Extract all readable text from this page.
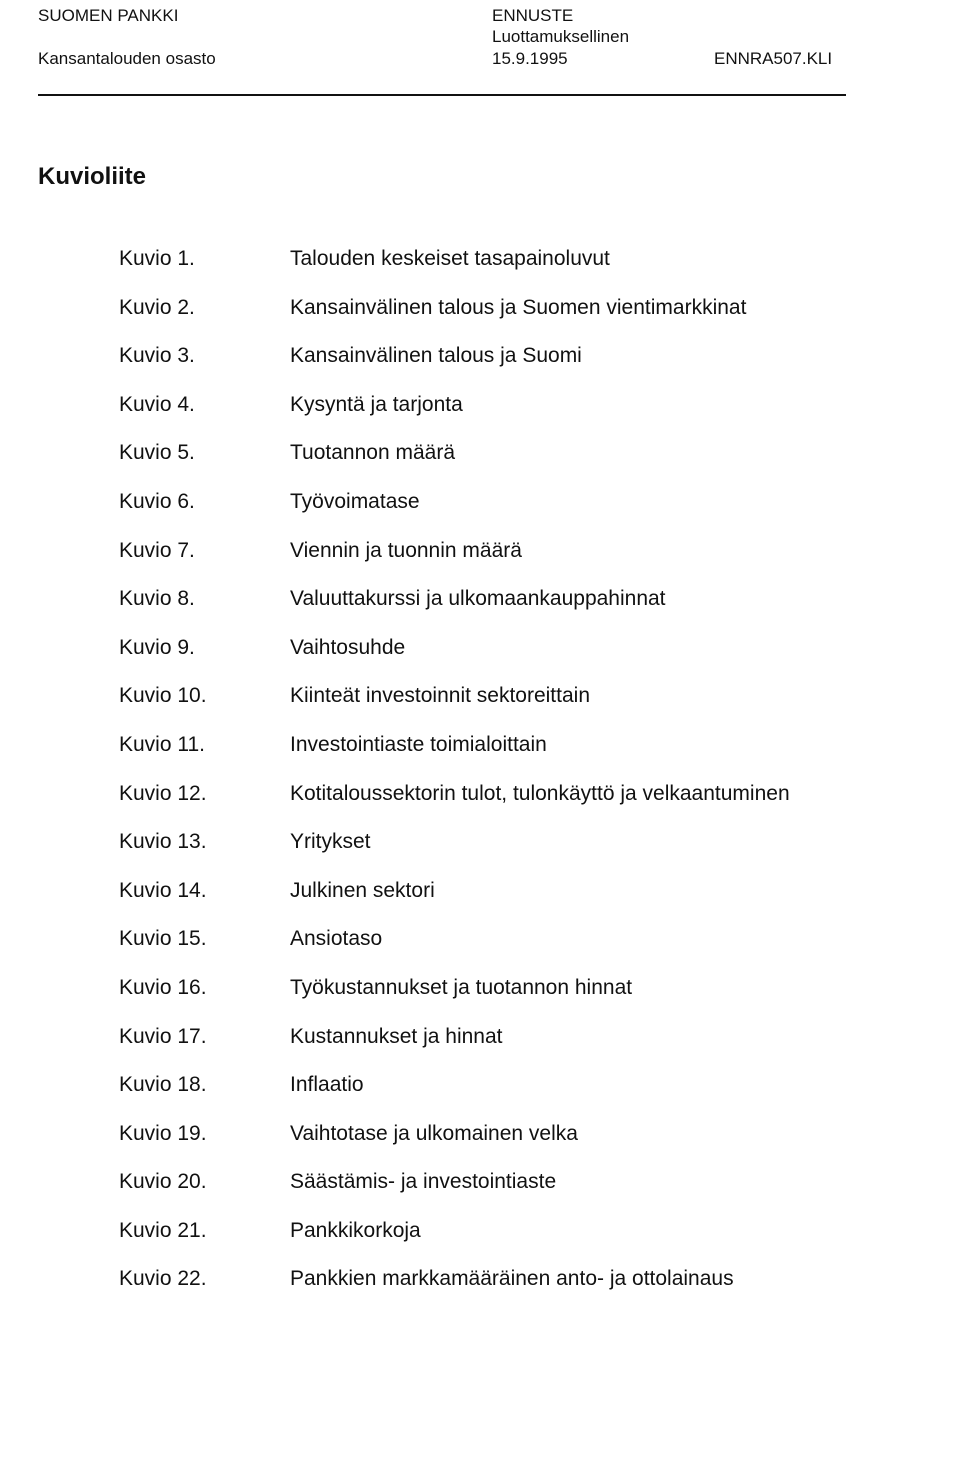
SUOMEN PANKKI
Kansantalouden osasto
ENNUSTE
Luottamuksellinen
15.9.1995	ENNRA507.KLI
Kuvioliite
Kuvio 1.	Talouden keskeiset tasapainoluvut
Kuvio 2.	Kansainvälinen talous ja Suomen vientimarkkinat
Kuvio 3.	Kansainvälinen talous ja Suomi
Kuvio 4.	Kysyntä ja tarjonta
Kuvio 5.	Tuotannon määrä
Kuvio 6.	Työvoimatase
Kuvio 7.	Viennin ja tuonnin määrä
Kuvio 8.	Valuuttakurssi ja ulkomaankauppahinnat
Kuvio 9.	Vaihtosuhde
Kuvio 10.	Kiinteät investoinnit sektoreittain
Kuvio 11.	Investointiaste toimialoittain
Kuvio 12.	Kotitaloussektorin tulot, tulonkäyttö ja velkaantuminen
Kuvio 13.	Yritykset
Kuvio 14.	Julkinen sektori
Kuvio 15.	Ansiotaso
Kuvio 16.	Työkustannukset ja tuotannon hinnat
Kuvio 17.	Kustannukset ja hinnat
Kuvio 18.	Inflaatio
Kuvio 19.	Vaihtotase ja ulkomainen velka
Kuvio 20.	Säästämis- ja investointiaste
Kuvio 21.	Pankkikorkoja
Kuvio 22.	Pankkien markkamääräinen anto- ja ottolainaus
